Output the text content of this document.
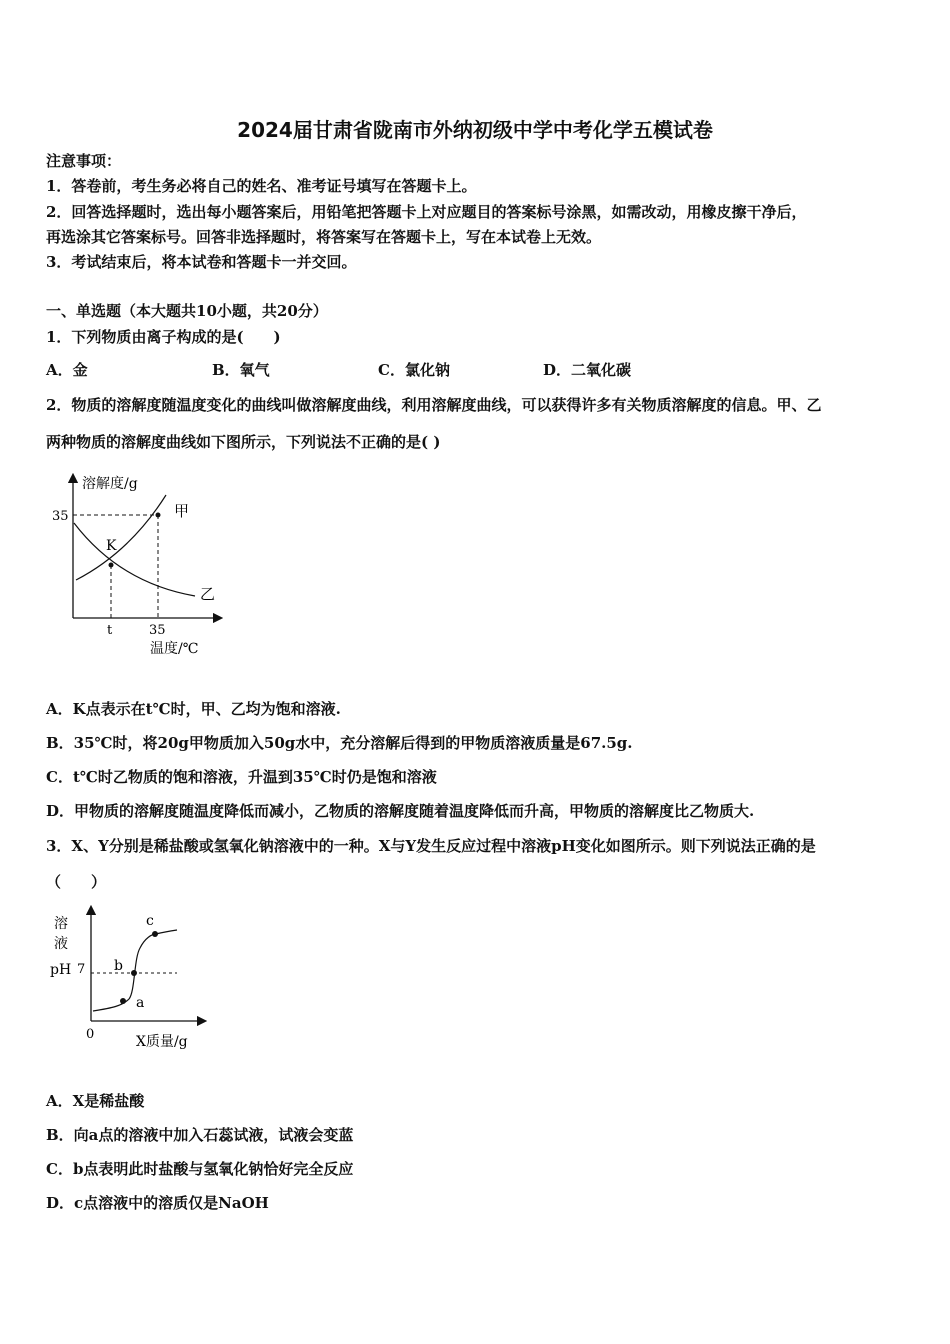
2024届甘肃省陇南市外纳初级中学中考化学五模试卷
注意事项：
1．答卷前，考生务必将自己的姓名、准考证号填写在答题卡上。
2．回答选择题时，选出每小题答案后，用铅笔把答题卡上对应题目的答案标号涂黑，如需改动，用橡皮擦干净后，
再选涂其它答案标号。回答非选择题时，将答案写在答题卡上，写在本试卷上无效。
3．考试结束后，将本试卷和答题卡一并交回。
一、单选题（本大题共10小题，共20分）
1．下列物质由离子构成的是(　　)
A．金	B．氧气	C．氯化钠	D．二氧化碳
2．物质的溶解度随温度变化的曲线叫做溶解度曲线，利用溶解度曲线，可以获得许多有关物质溶解度的信息。甲、乙
两种物质的溶解度曲线如下图所示，下列说法不正确的是( )
溶解度/g
35	甲
K
乙
t	35
温度/℃
A．K点表示在t℃时，甲、乙均为饱和溶液.
B．35℃时，将20g甲物质加入50g水中，充分溶解后得到的甲物质溶液质量是67.5g.
C．t℃时乙物质的饱和溶液，升温到35℃时仍是饱和溶液
D．甲物质的溶解度随温度降低而减小，乙物质的溶解度随着温度降低而升高，甲物质的溶解度比乙物质大.
3．X、Y分别是稀盐酸或氢氧化钠溶液中的一种。X与Y发生反应过程中溶液pH变化如图所示。则下列说法正确的是
（　　）
溶
液
pH 7
a
b
c
0	X质量/g
A．X是稀盐酸
B．向a点的溶液中加入石蕊试液，试液会变蓝
C．b点表明此时盐酸与氢氧化钠恰好完全反应
D．c点溶液中的溶质仅是NaOH
